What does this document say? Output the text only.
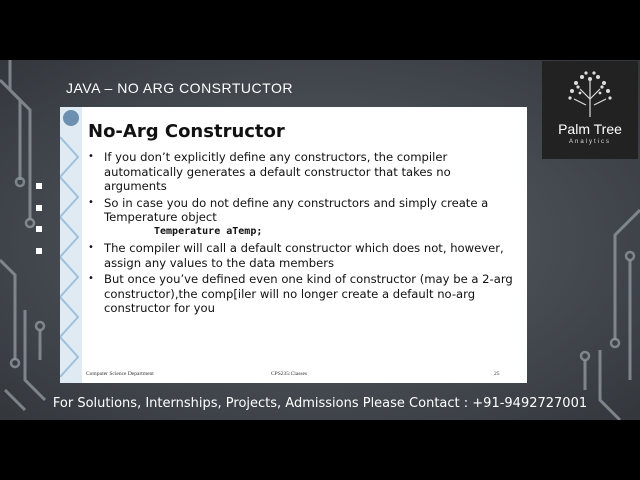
JAVA – NO ARG CONSRTUCTOR
No-Arg Constructor
• If you don’t explicitly define any constructors, the compiler automatically generates a default constructor that takes no arguments
• So in case you do not define any constructors and simply create a Temperature object
Temperature aTemp;
• The compiler will call a default constructor which does not, however, assign any values to the data members
• But once you’ve defined even one kind of constructor (may be a 2-arg constructor),the comp[iler will no longer create a default no-arg constructor for you
Computer Science Department	CPS235:Classes	25
Palm Tree
Analytics
For Solutions, Internships, Projects, Admissions Please Contact : +91-9492727001
